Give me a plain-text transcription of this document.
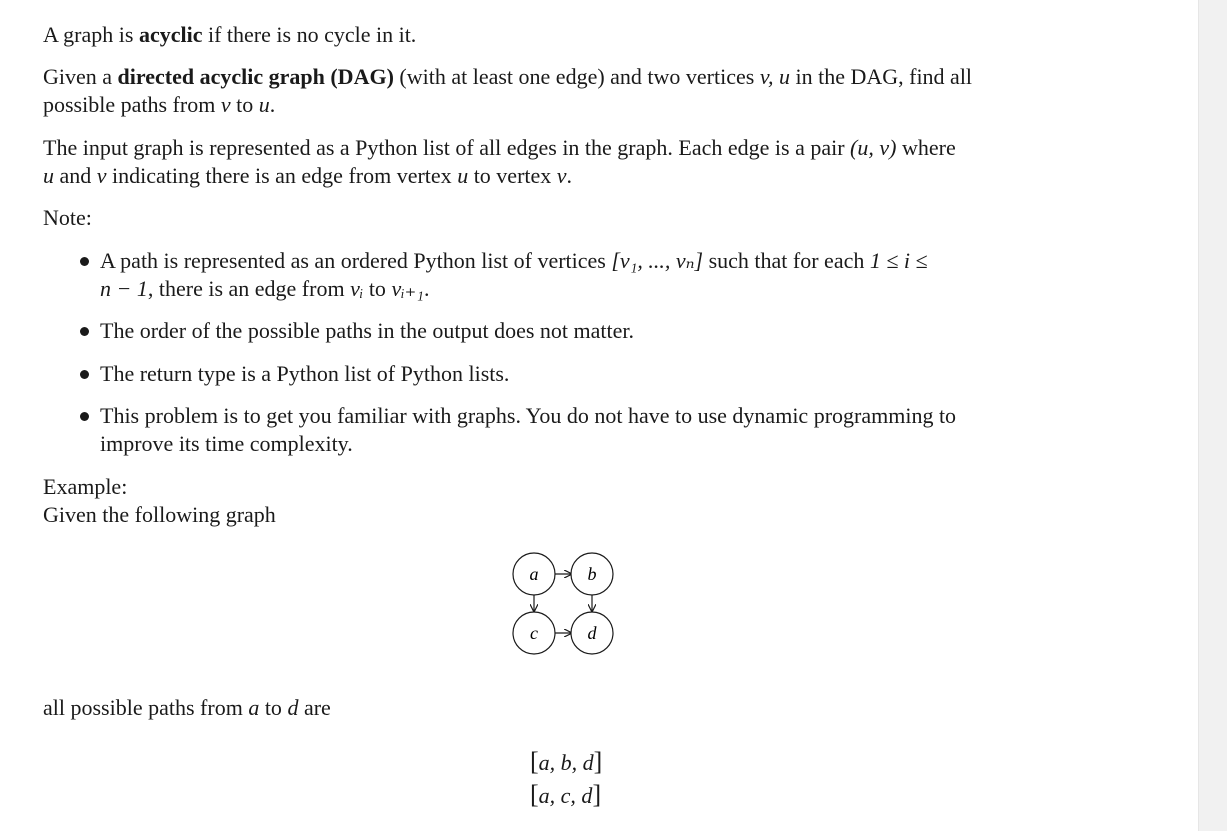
A graph is acyclic if there is no cycle in it.

Given a directed acyclic graph (DAG) (with at least one edge) and two vertices v, u in the DAG, find all

possible paths from v to u.

The input graph is represented as a Python list of all edges in the graph. Each edge is a pair (u, v) where

u and v indicating there is an edge from vertex u to vertex v.

Note:

A path is represented as an ordered Python list of vertices [v₁, ..., vₙ] such that for each 1 ≤ i ≤
n − 1, there is an edge from vᵢ to vᵢ₊₁.
The order of the possible paths in the output does not matter.
The return type is a Python list of Python lists.
This problem is to get you familiar with graphs. You do not have to use dynamic programming to
improve its time complexity.

Example:

Given the following graph

all possible paths from a to d are

a	b
c	d
[a, b, d]
[a, c, d]
